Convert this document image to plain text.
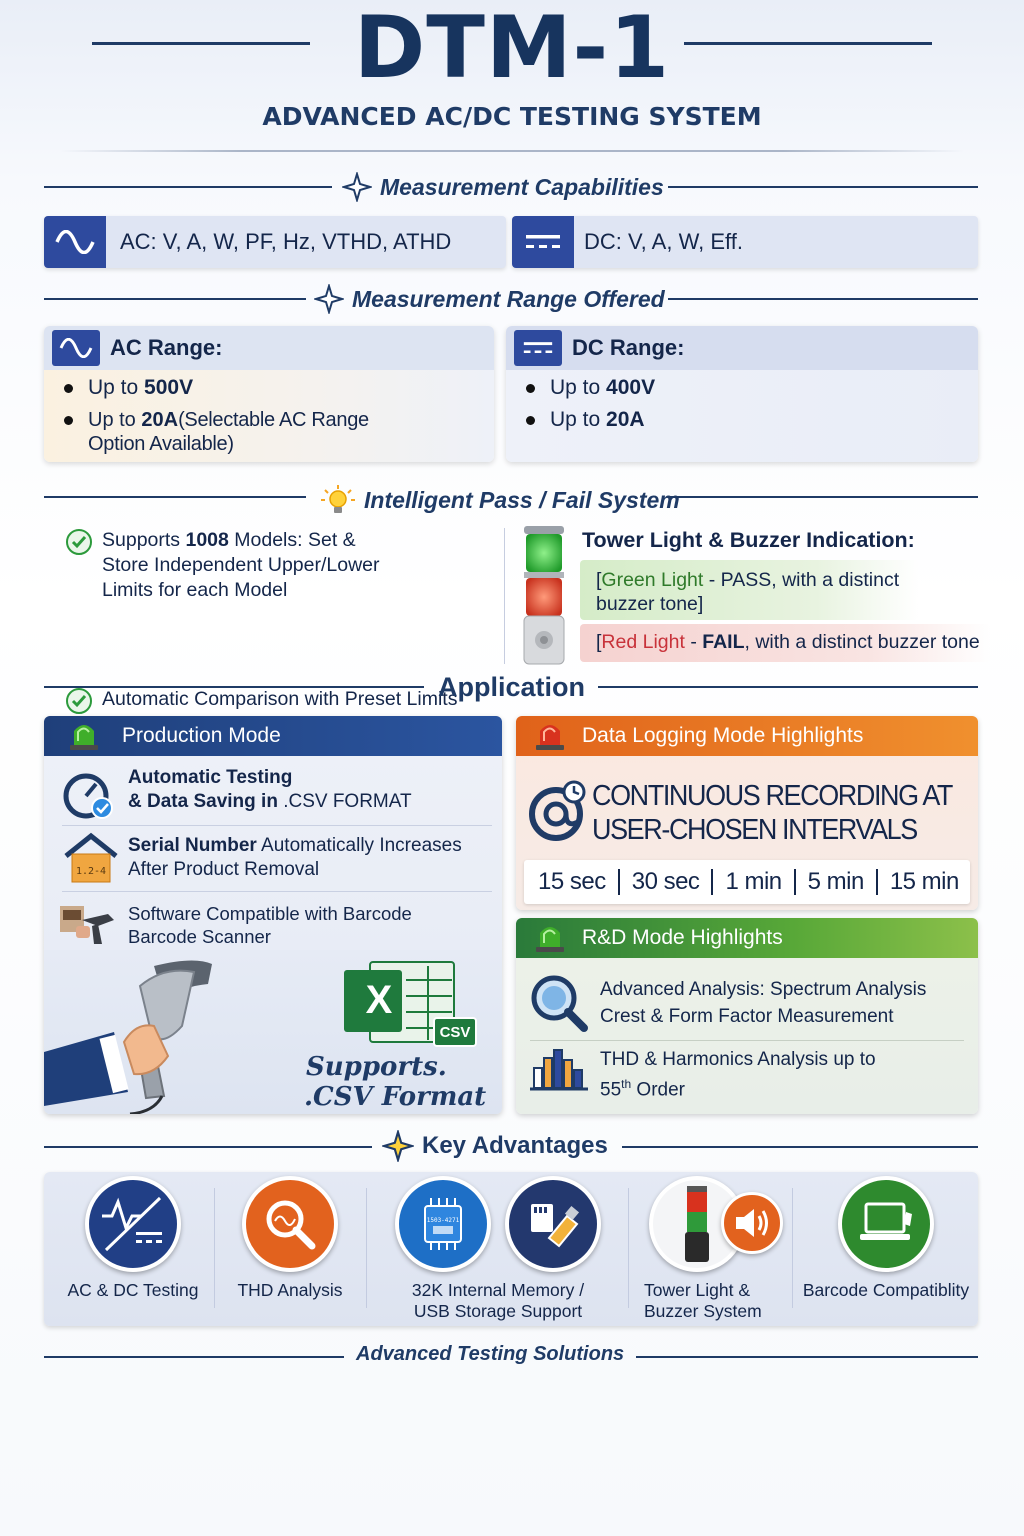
DTM-1
ADVANCED AC/DC TESTING SYSTEM
Measurement Capabilities
AC: V, A, W, PF, Hz, VTHD, ATHD	DC: V, A, W, Eff.
Measurement Range Offered
AC Range:
Up to 500V
Up to 20A(Selectable AC Range Option Available)
DC Range:
Up to 400V
Up to 20A
Intelligent Pass / Fail System
Supports 1008 Models: Set & Store Independent Upper/Lower Limits for each Model
Automatic Comparison with Preset Limits
Tower Light & Buzzer Indication:
[Green Light - PASS, with a distinct buzzer tone]
[Red Light - FAIL, with a distinct buzzer tone
Application
Production Mode
Automatic Testing
& Data Saving in .CSV FORMAT
1.2-4
Serial Number Automatically Increases After Product Removal
Software Compatible with Barcode Barcode Scanner
X
CSV
Supports.
.CSV Format
Data Logging Mode Highlights
CONTINUOUS RECORDING AT
USER-CHOSEN INTERVALS
15 sec 30 sec 1 min 5 min 15 min
R&D Mode Highlights
Advanced Analysis: Spectrum Analysis Crest & Form Factor Measurement
THD & Harmonics Analysis up to
55th Order
Key Advantages
AC & DC Testing	THD Analysis
1503-4271
32K Internal Memory / USB Storage Support
Tower Light & Buzzer System
Barcode Compatiblity
Advanced Testing Solutions
